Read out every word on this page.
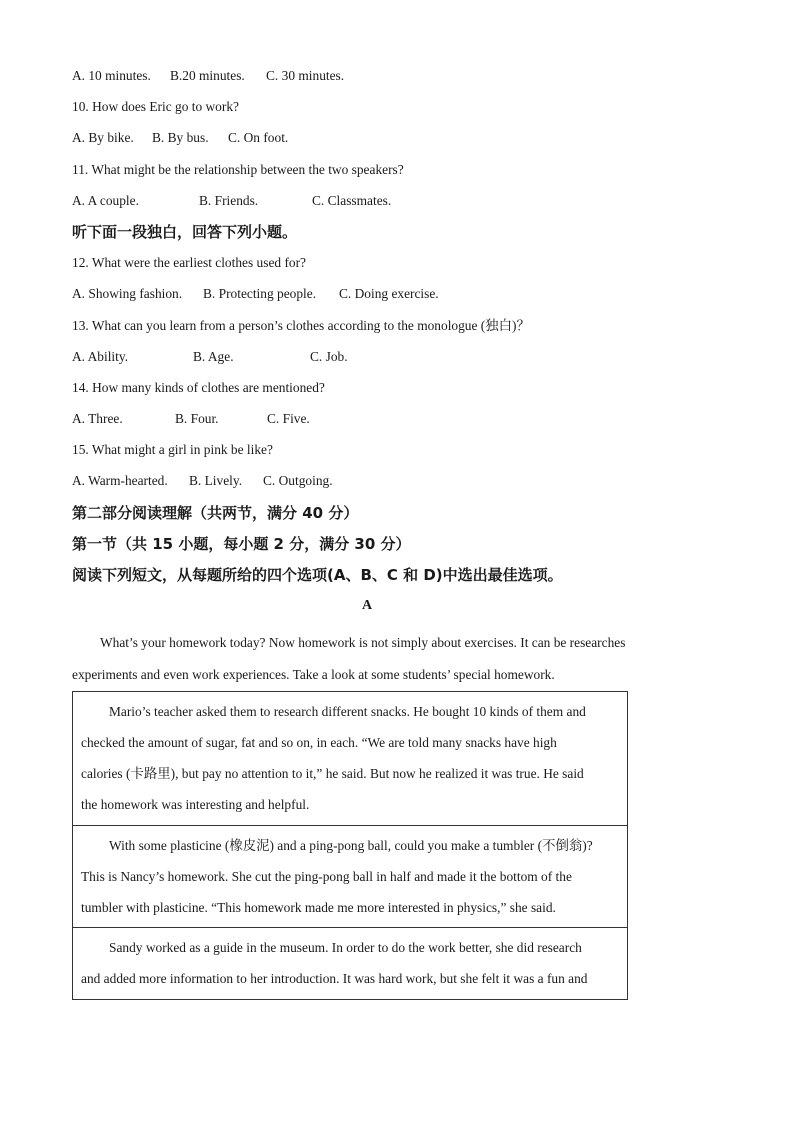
A. 10 minutes. B.20 minutes. C. 30 minutes.
10. How does Eric go to work?
A. By bike. B. By bus. C. On foot.
11. What might be the relationship between the two speakers?
A. A couple.	B. Friends.	C. Classmates.
听下面一段独白，回答下列小题。
12. What were the earliest clothes used for?
A. Showing fashion. B. Protecting people. C. Doing exercise.
13. What can you learn from a person’s clothes according to the monologue (独白)？
A. Ability.	B. Age.	C. Job.
14. How many kinds of clothes are mentioned?
A. Three.	B. Four.	C. Five.
15. What might a girl in pink be like?
A. Warm-hearted. B. Lively. C. Outgoing.
第二部分阅读理解（共两节，满分 40 分）
第一节（共 15 小题，每小题 2 分，满分 30 分）
阅读下列短文，从每题所给的四个选项(A、B、C 和 D)中选出最佳选项。
A
What’s your homework today? Now homework is not simply about exercises. It can be researches
experiments and even work experiences. Take a look at some students’ special homework.
Mario’s teacher asked them to research different snacks. He bought 10 kinds of them and
checked the amount of sugar, fat and so on, in each. “We are told many snacks have high
calories (卡路里), but pay no attention to it,” he said. But now he realized it was true. He said
the homework was interesting and helpful.
With some plasticine (橡皮泥) and a ping-pong ball, could you make a tumbler (不倒翁)?
This is Nancy’s homework. She cut the ping-pong ball in half and made it the bottom of the
tumbler with plasticine. “This homework made me more interested in physics,” she said.
Sandy worked as a guide in the museum. In order to do the work better, she did research
and added more information to her introduction. It was hard work, but she felt it was a fun and
